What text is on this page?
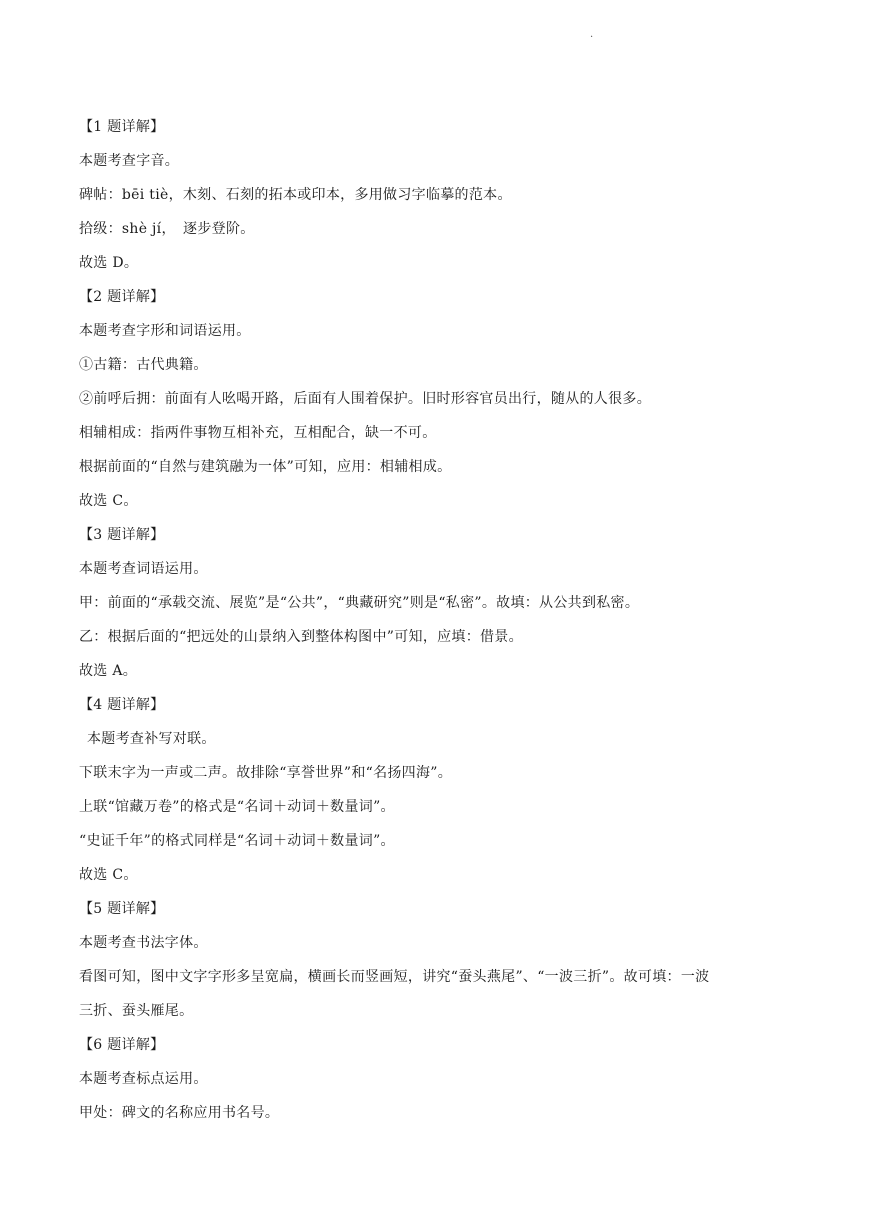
.
【1 题详解】
本题考查字音。
碑帖：bēi tiè，木刻、石刻的拓本或印本，多用做习字临摹的范本。
拾级：shè jí，　逐步登阶。
故选 D。
【2 题详解】
本题考查字形和词语运用。
①古籍：古代典籍。
②前呼后拥：前面有人吆喝开路，后面有人围着保护。旧时形容官员出行，随从的人很多。
相辅相成：指两件事物互相补充，互相配合，缺一不可。
根据前面的“自然与建筑融为一体”可知，应用：相辅相成。
故选 C。
【3 题详解】
本题考查词语运用。
甲：前面的“承载交流、展览”是“公共”，“典藏研究”则是“私密”。故填：从公共到私密。
乙：根据后面的“把远处的山景纳入到整体构图中”可知，应填：借景。
故选 A。
【4 题详解】
本题考查补写对联。
下联末字为一声或二声。故排除“享誉世界”和“名扬四海”。
上联“馆藏万卷”的格式是“名词＋动词＋数量词”。
“史证千年”的格式同样是“名词＋动词＋数量词”。
故选 C。
【5 题详解】
本题考查书法字体。
看图可知，图中文字字形多呈宽扁，横画长而竖画短，讲究“蚕头燕尾”、“一波三折”。故可填：一波
三折、蚕头雁尾。
【6 题详解】
本题考查标点运用。
甲处：碑文的名称应用书名号。
